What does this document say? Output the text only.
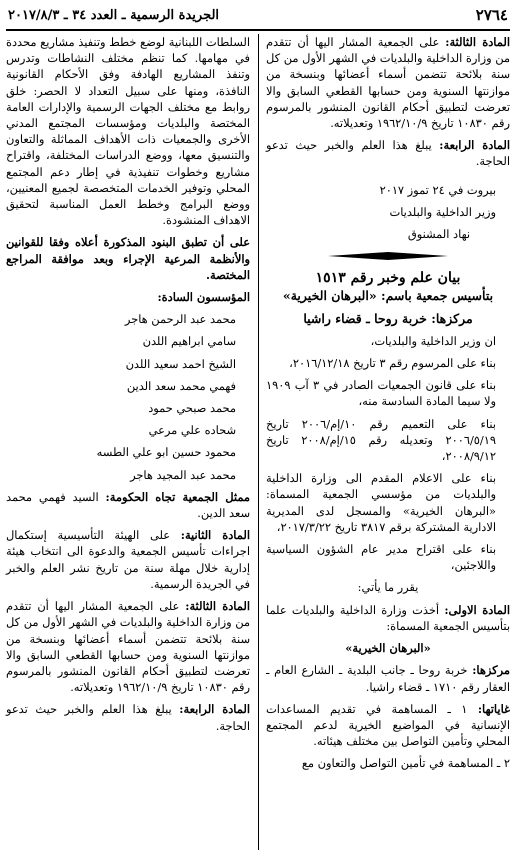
٢٧٦٤
الجريدة الرسمية ـ العدد ٣٤ ـ ٢٠١٧/٨/٣

المادة الثالثة: على الجمعية المشار اليها أن تتقدم من وزارة الداخلية والبلديات في الشهر الأول من كل سنة بلائحة تتضمن أسماء أعضائها وبنسخة من موازنتها السنوية ومن حسابها القطعي السابق والا تعرضت لتطبيق أحكام القانون المنشور بالمرسوم رقم ١٠٨٣٠ تاريخ ١٩٦٢/١٠/٩ وتعديلاته.

المادة الرابعة: يبلغ هذا العلم والخبر حيث تدعو الحاجة.

بيروت في ٢٤ تموز ٢٠١٧

وزير الداخلية والبلديات

نهاد المشنوق

بيان علم وخبر رقم ١٥١٣
بتأسيس جمعية باسم: «البرهان الخيرية»
مركزها: خربة روحا ـ قضاء راشيا

ان وزير الداخلية والبلديات،

بناء على المرسوم رقم ٣ تاريخ ٢٠١٦/١٢/١٨،

بناء على قانون الجمعيات الصادر في ٣ آب ١٩٠٩ ولا سيما المادة السادسة منه،

بناء على التعميم رقم ١٠/إم/٢٠٠٦ تاريخ ٢٠٠٦/٥/١٩ وتعديله رقم ١٥/إم/٢٠٠٨ تاريخ ٢٠٠٨/٩/١٢،

بناء على الاعلام المقدم الى وزارة الداخلية والبلديات من مؤسسي الجمعية المسماة: «البرهان الخيرية» والمسجل لدى المديرية الادارية المشتركة برقم ٣٨١٧ تاريخ ٢٠١٧/٣/٢٢،

بناء على اقتراح مدير عام الشؤون السياسية واللاجئين،

يقرر ما يأتي:

المادة الاولى: أخذت وزارة الداخلية والبلديات علما بتأسيس الجمعية المسماة:

«البرهان الخيرية»

مركزها: خربة روحا ـ جانب البلدية ـ الشارع العام ـ العقار رقم ١٧١٠ ـ قضاء راشيا.

غاياتها: ١ ـ المساهمة في تقديم المساعدات الإنسانية في المواضيع الخيرية لدعم المجتمع المحلي وتأمين التواصل بين مختلف هيئاته.

٢ ـ المساهمة في تأمين التواصل والتعاون مع

السلطات اللبنانية لوضع خطط وتنفيذ مشاريع محددة في مهامها. كما تنظم مختلف النشاطات وتدرس وتنفذ المشاريع الهادفة وفق الأحكام القانونية النافذة، ومنها على سبيل التعداد لا الحصر: خلق روابط مع مختلف الجهات الرسمية والإدارات العامة المختصة والبلديات ومؤسسات المجتمع المدني الأخرى والجمعيات ذات الأهداف المماثلة والتعاون والتنسيق معها، ووضع الدراسات المختلفة، واقتراح مشاريع وخطوات تنفيذية في إطار دعم المجتمع المحلي وتوفير الخدمات المتخصصة لجميع المعنيين، ووضع البرامج وخطط العمل المناسبة لتحقيق الاهداف المنشودة.

على أن تطبق البنود المذكورة أعلاه وفقا للقوانين والأنظمة المرعية الإجراء وبعد موافقة المراجع المختصة.

المؤسسون السادة:

محمد عبد الرحمن هاجر

سامي ابراهيم اللدن

الشيخ احمد سعيد اللدن

فهمي محمد سعد الدين

محمد صبحي حمود

شحاده علي مرعي

محمود حسين ابو علي الطسه

محمد عبد المجيد هاجر

ممثل الجمعية تجاه الحكومة: السيد فهمي محمد سعد الدين.

المادة الثانية: على الهيئة التأسيسية إستكمال اجراءات تأسيس الجمعية والدعوة الى انتخاب هيئة إدارية خلال مهلة سنة من تاريخ نشر العلم والخبر في الجريدة الرسمية.

المادة الثالثة: على الجمعية المشار اليها أن تتقدم من وزارة الداخلية والبلديات في الشهر الأول من كل سنة بلائحة تتضمن أسماء أعضائها وبنسخة من موازنتها السنوية ومن حسابها القطعي السابق والا تعرضت لتطبيق أحكام القانون المنشور بالمرسوم رقم ١٠٨٣٠ تاريخ ١٩٦٢/١٠/٩ وتعديلاته.

المادة الرابعة: يبلغ هذا العلم والخبر حيث تدعو الحاجة.
